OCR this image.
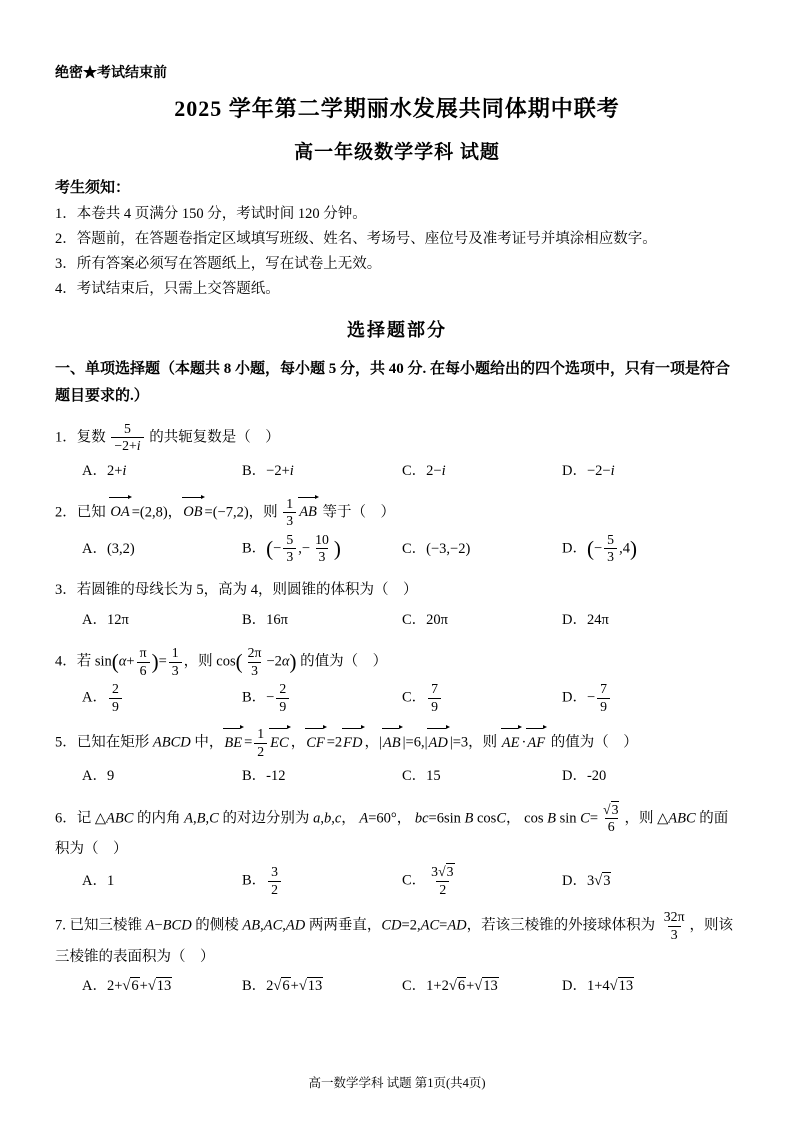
绝密★考试结束前
2025 学年第二学期丽水发展共同体期中联考
高一年级数学学科 试题
考生须知：
1．本卷共 4 页满分 150 分，考试时间 120 分钟。
2．答题前，在答题卷指定区域填写班级、姓名、考场号、座位号及准考证号并填涂相应数字。
3．所有答案必须写在答题纸上，写在试卷上无效。
4．考试结束后，只需上交答题纸。
选择题部分
一、单项选择题（本题共 8 小题，每小题 5 分，共 40 分. 在每小题给出的四个选项中，只有一项是符合题目要求的.）
1．复数 $\frac{5}{-2+i}$ 的共轭复数是（　）
A．2+i	B．−2+i	C．2−i	D．−2−i
2．已知 OA =(2,8)，OB =(−7,2)，则 $\frac{1}{3}$ AB 等于（　）
A．(3,2)	B．(− $\frac{5}{3}$ ,− $\frac{10}{3}$ )	C．(−3,−2)	D．(− $\frac{5}{3} ,4$)
3．若圆锥的母线长为 5，高为 4，则圆锥的体积为（　）
A．12π	B．16π	C．20π	D．24π
4．若 $\sin(\alpha+ \frac{\pi}{6}$ )= $\frac{1}{3}$ ，则 $\cos( \frac{2\pi}{3} -2\alpha)$ 的值为（　）
A． $\frac{2}{9}$	B．− $\frac{2}{9}$	C． $\frac{7}{9}$	D．− $\frac{7}{9}$
5．已知在矩形 ABCD 中，BE = $\frac{1}{2}$ EC ，CF =2FD ，|AB |=6,|AD |=3，则 AE ·AF 的值为（　）
A．9	B．-12	C．15	D．-20
6．记 △ABC 的内角 A,B,C 的对边分别为 a,b,c， A=60°， bc=6sin B cosC， cos B sin C= √ $\frac{3}{6}$ ，则 △ABC 的面积为（　）
A．1	B． $\frac{3}{2}$	C． $\frac{3 √ 3}{2}$	D．3 √ 3
7. 已知三棱锥 A−BCD 的侧棱 AB,AC,AD 两两垂直，CD=2,AC=AD，若该三棱锥的外接球体积为 $\frac{32\pi}{3}$ ，则该三棱锥的表面积为（　）
A．2+ √ 6+ √ 13	B．2 √ 6+ √ 13	C．1+2 √ 6+ √ 13	D．1+4 √ 13
高一数学学科 试题 第1页(共4页)
